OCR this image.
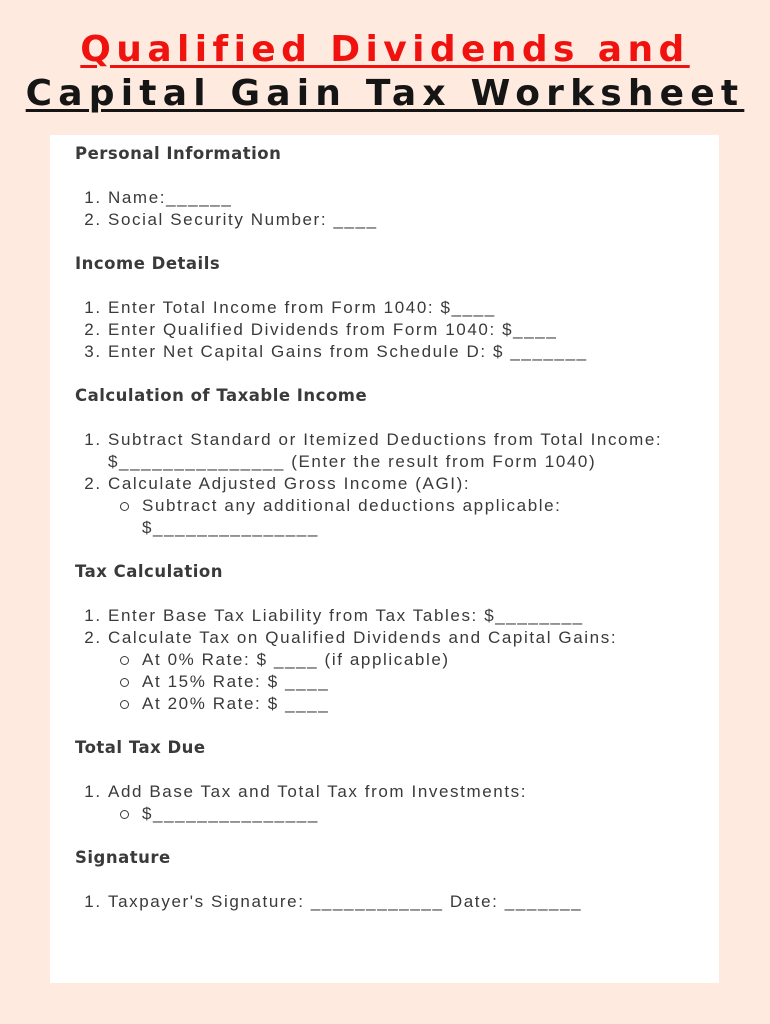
Qualified Dividends and
Capital Gain Tax Worksheet
Personal Information
1. Name:______
2. Social Security Number: ____
Income Details
1. Enter Total Income from Form 1040: $____
2. Enter Qualified Dividends from Form 1040: $____
3. Enter Net Capital Gains from Schedule D: $ _______
Calculation of Taxable Income
1. Subtract Standard or Itemized Deductions from Total Income: $_______________ (Enter the result from Form 1040)
2. Calculate Adjusted Gross Income (AGI):
Subtract any additional deductions applicable: $_______________
Tax Calculation
1. Enter Base Tax Liability from Tax Tables: $________
2. Calculate Tax on Qualified Dividends and Capital Gains:
At 0% Rate: $ ____ (if applicable)
At 15% Rate: $ ____
At 20% Rate: $ ____
Total Tax Due
1. Add Base Tax and Total Tax from Investments:
$_______________
Signature
1. Taxpayer's Signature: ____________ Date: _______
